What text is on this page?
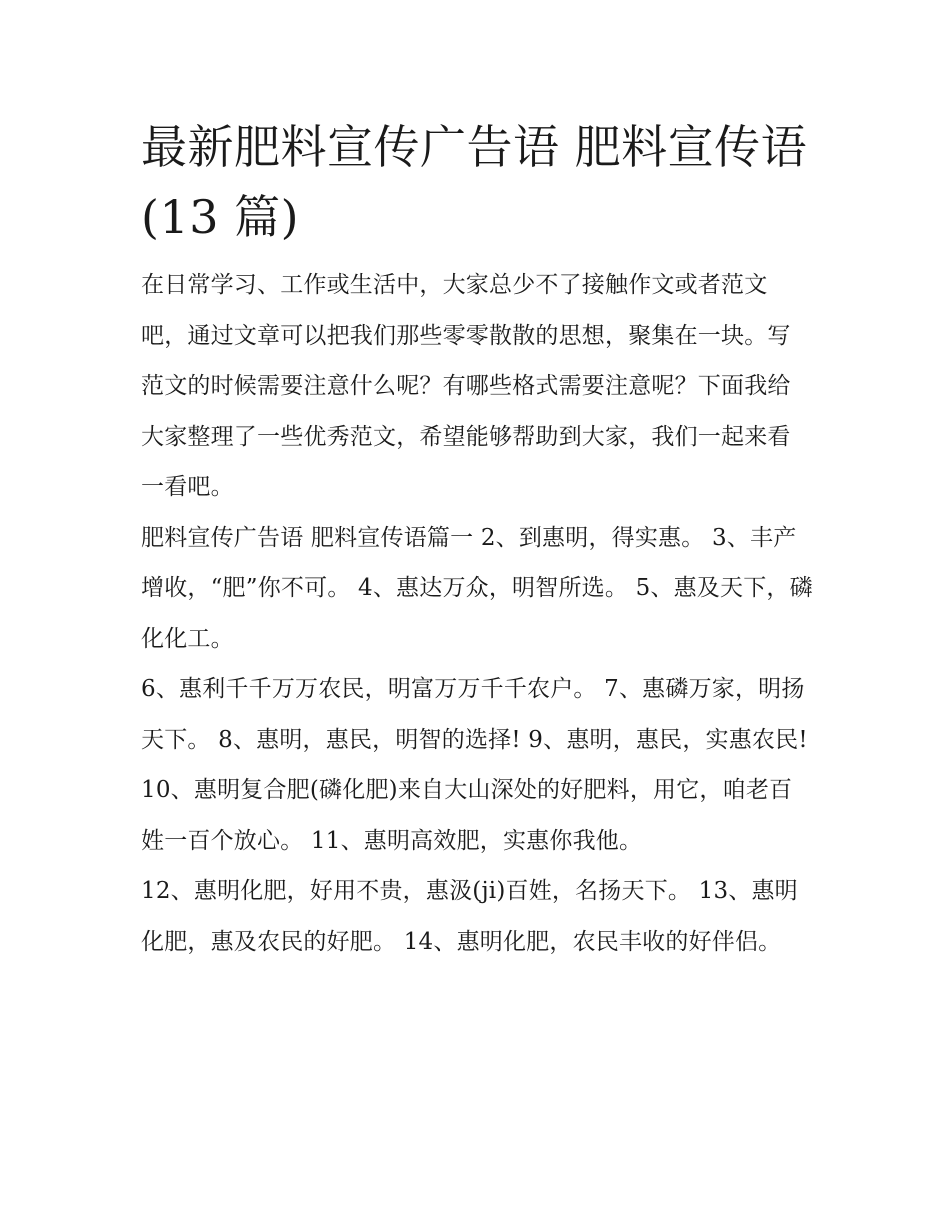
最新肥料宣传广告语 肥料宣传语(13 篇)

在日常学习、工作或生活中，大家总少不了接触作文或者范文吧，通过文章可以把我们那些零零散散的思想，聚集在一块。写范文的时候需要注意什么呢？有哪些格式需要注意呢？下面我给大家整理了一些优秀范文，希望能够帮助到大家，我们一起来看一看吧。

肥料宣传广告语 肥料宣传语篇一 2、到惠明，得实惠。 3、丰产增收，“肥”你不可。 4、惠达万众，明智所选。 5、惠及天下，磷化化工。

6、惠利千千万万农民，明富万万千千农户。 7、惠磷万家，明扬天下。 8、惠明，惠民，明智的选择! 9、惠明，惠民，实惠农民!

10、惠明复合肥(磷化肥)来自大山深处的好肥料，用它，咱老百姓一百个放心。 11、惠明高效肥，实惠你我他。

12、惠明化肥，好用不贵，惠汲(ji)百姓，名扬天下。 13、惠明化肥，惠及农民的好肥。 14、惠明化肥，农民丰收的好伴侣。
